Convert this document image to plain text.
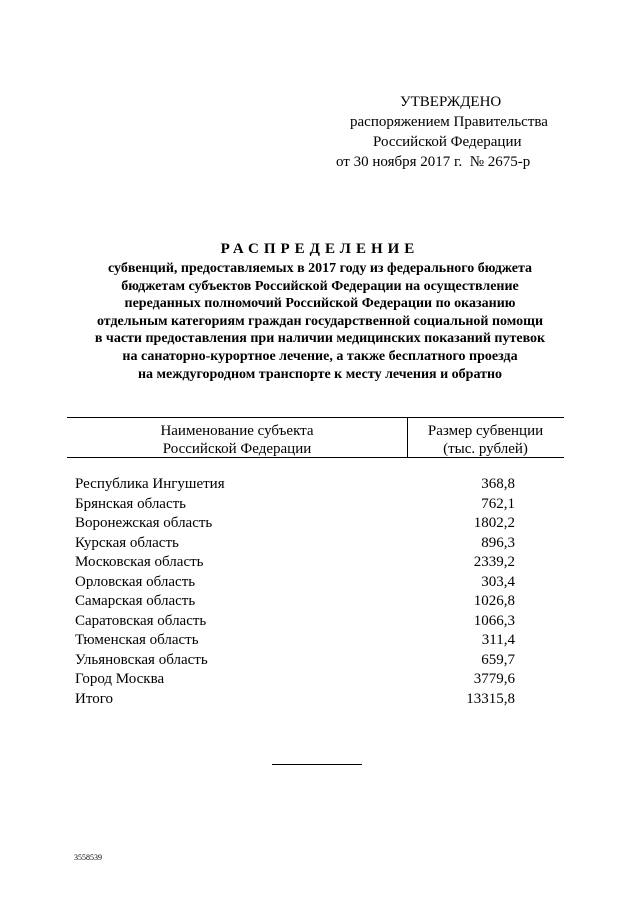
УТВЕРЖДЕНО
распоряжением Правительства
Российской Федерации
от 30 ноября 2017 г.  № 2675-р
РАСПРЕДЕЛЕНИЕ
субвенций, предоставляемых в 2017 году из федерального бюджета
бюджетам субъектов Российской Федерации на осуществление
переданных полномочий Российской Федерации по оказанию
отдельным категориям граждан государственной социальной помощи
в части предоставления при наличии медицинских показаний путевок
на санаторно-курортное лечение, а также бесплатного проезда
на междугородном транспорте к месту лечения и обратно
Наименование субъекта
Российской Федерации
Размер субвенции
(тыс. рублей)
Республика Ингушетия	368,8
Брянская область	762,1
Воронежская область	1802,2
Курская область	896,3
Московская область	2339,2
Орловская область	303,4
Самарская область	1026,8
Саратовская область	1066,3
Тюменская область	311,4
Ульяновская область	659,7
Город Москва	3779,6
Итого	13315,8
3558539
